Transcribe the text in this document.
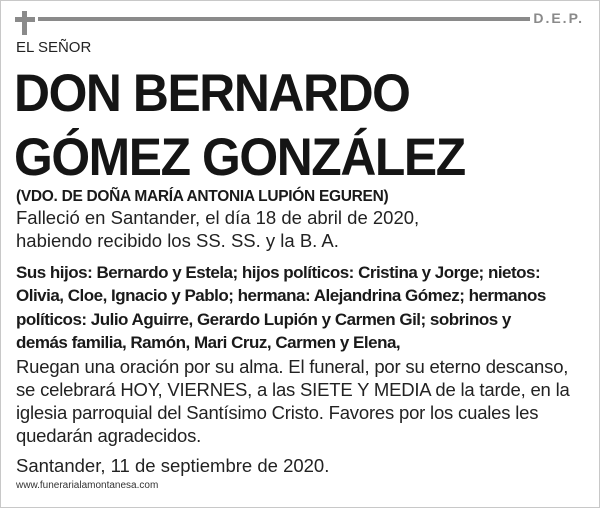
D.E.P.
EL SEÑOR
DON BERNARDO
GÓMEZ GONZÁLEZ
(VDO. DE DOÑA MARÍA ANTONIA LUPIÓN EGUREN)
Falleció en Santander, el día 18 de abril de 2020,
habiendo recibido los SS. SS. y la B. A.
Sus hijos: Bernardo y Estela; hijos políticos: Cristina y Jorge; nietos:
Olivia, Cloe, Ignacio y Pablo; hermana: Alejandrina Gómez; hermanos
políticos: Julio Aguirre, Gerardo Lupión y Carmen Gil; sobrinos y
demás familia, Ramón, Mari Cruz, Carmen y Elena,
Ruegan una oración por su alma. El funeral, por su eterno descanso,
se celebrará HOY, VIERNES, a las SIETE Y MEDIA de la tarde, en la
iglesia parroquial del Santísimo Cristo. Favores por los cuales les
quedarán agradecidos.
Santander, 11 de septiembre de 2020.
www.funerarialamontanesa.com
